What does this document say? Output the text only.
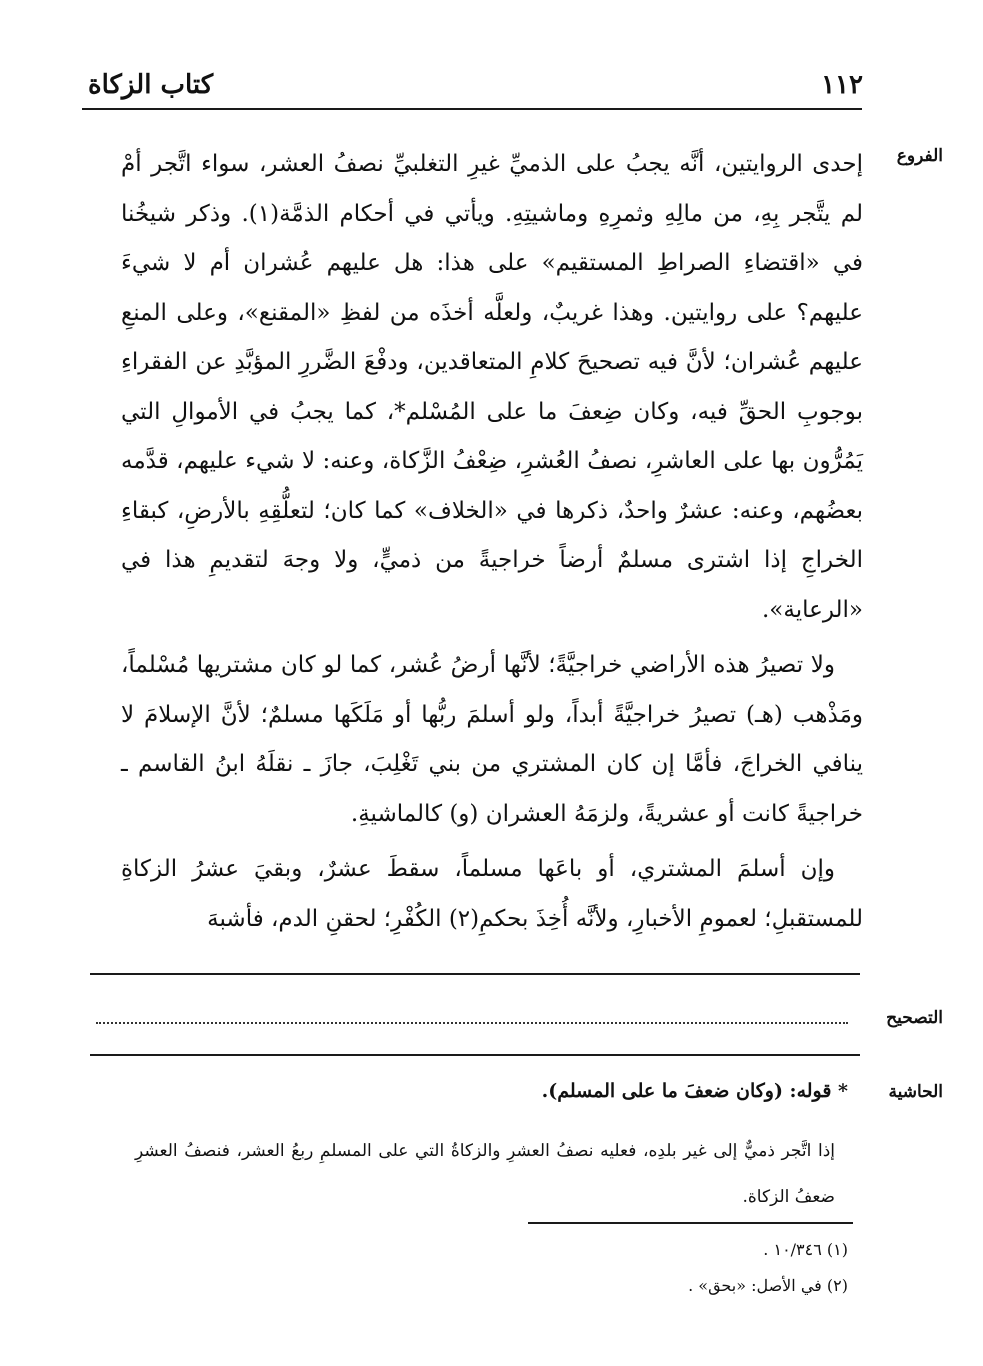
كتاب الزكاة	١١٢
الفروع

إحدى الروايتين، أنَّه يجبُ على الذميِّ غيرِ التغلبيِّ نصفُ العشر، سواء اتَّجر أمْ لم يتَّجر بِهِ، من مالِهِ وثمرِهِ وماشيتِهِ. ويأتي في أحكام الذمَّة(١). وذكر شيخُنا في «اقتضاءِ الصراطِ المستقيم» على هذا: هل عليهم عُشران أم لا شيءَ عليهم؟ على روايتين. وهذا غريبٌ، ولعلَّه أخذَه من لفظِ «المقنع»، وعلى المنعِ عليهم عُشران؛ لأنَّ فيه تصحيحَ كلامِ المتعاقدين، ودفْعَ الضَّررِ المؤبَّدِ عن الفقراءِ بوجوبِ الحقِّ فيه، وكان ضِعفَ ما على المُسْلم*، كما يجبُ في الأموالِ التي يَمُرُّون بها على العاشرِ، نصفُ العُشرِ، ضِعْفُ الزَّكاة، وعنه: لا شيء عليهم، قدَّمه بعضُهم، وعنه: عشرٌ واحدٌ، ذكرها في «الخلاف» كما كان؛ لتعلُّقِهِ بالأرضِ، كبقاءِ الخراجِ إذا اشترى مسلمٌ أرضاً خراجيةً من ذميٍّ، ولا وجهَ لتقديمِ هذا في «الرعاية».

ولا تصيرُ هذه الأراضي خراجيَّةً؛ لأنَّها أرضُ عُشر، كما لو كان مشتريها مُسْلماً، ومَذْهب (هـ) تصيرُ خراجيَّةً أبداً، ولو أسلمَ ربُّها أو مَلَكَها مسلمٌ؛ لأنَّ الإسلامَ لا ينافي الخراجَ، فأمَّا إن كان المشتري من بني تَغْلِبَ، جازَ ـ نقلَهُ ابنُ القاسم ـ خراجيةً كانت أو عشريةً، ولزمَهُ العشران (و) كالماشيةِ.

وإن أسلمَ المشتري، أو باعَها مسلماً، سقطَ عشرٌ، وبقيَ عشرُ الزكاةِ للمستقبلِ؛ لعمومِ الأخبارِ، ولأنَّه أُخِذَ بحكمِ(٢) الكُفْرِ؛ لحقنِ الدم، فأشبهَ

التصحيح
الحاشية
* قوله: (وكان ضعفَ ما على المسلم).
إذا اتَّجر ذميٌّ إلى غير بلدِه، فعليه نصفُ العشرِ والزكاةُ التي على المسلمِ ربعُ العشر، فنصفُ العشرِ ضعفُ الزكاة.
(١) ١٠/٣٤٦ .
(٢) في الأصل: «بحق» .
